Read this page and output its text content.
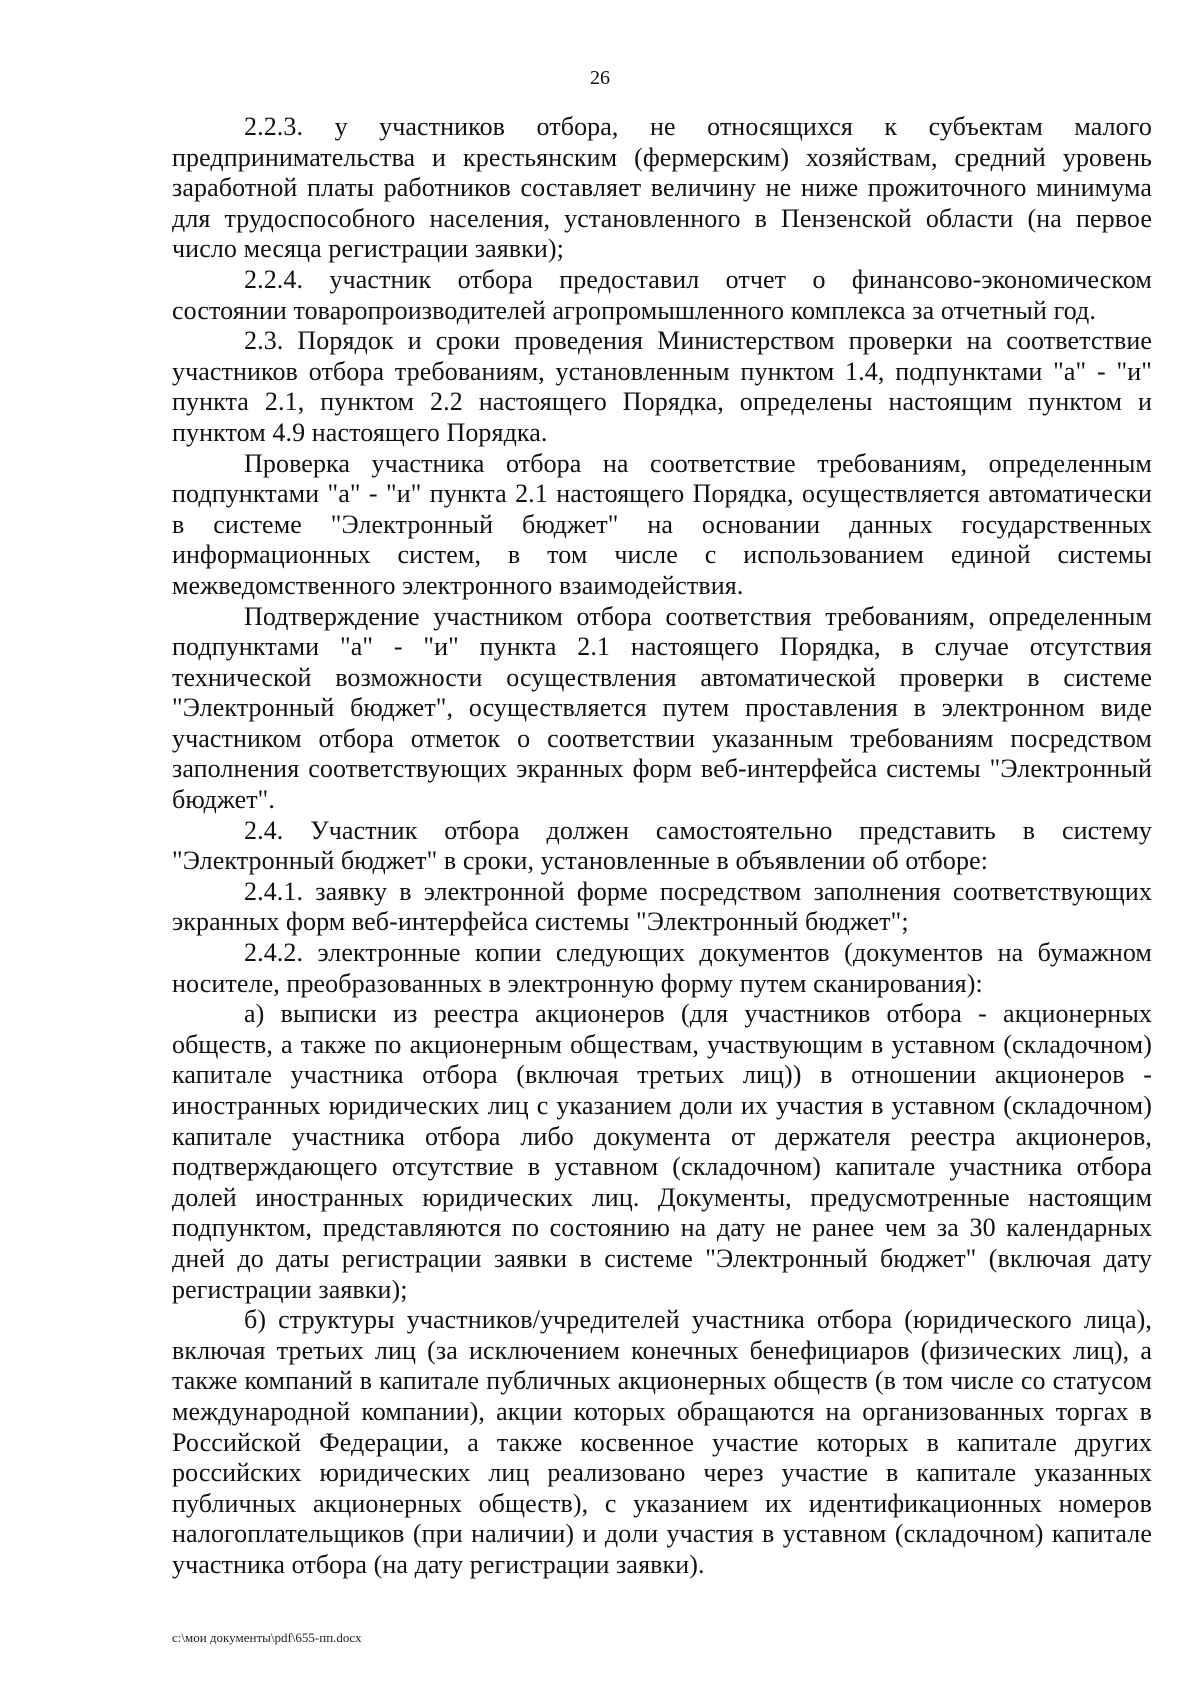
26

2.2.3. у участников отбора, не относящихся к субъектам малого предпринимательства и крестьянским (фермерским) хозяйствам, средний уровень заработной платы работников составляет величину не ниже прожиточного минимума для трудоспособного населения, установленного в Пензенской области (на первое число месяца регистрации заявки);

2.2.4. участник отбора предоставил отчет о финансово-экономическом состоянии товаропроизводителей агропромышленного комплекса за отчетный год.

2.3. Порядок и сроки проведения Министерством проверки на соответствие участников отбора требованиям, установленным пунктом 1.4, подпунктами "а" - "и" пункта 2.1, пунктом 2.2 настоящего Порядка, определены настоящим пунктом и пунктом 4.9 настоящего Порядка.

Проверка участника отбора на соответствие требованиям, определенным подпунктами "а" - "и" пункта 2.1 настоящего Порядка, осуществляется автоматически в системе "Электронный бюджет" на основании данных государственных информационных систем, в том числе с использованием единой системы межведомственного электронного взаимодействия.

Подтверждение участником отбора соответствия требованиям, определенным подпунктами "а" - "и" пункта 2.1 настоящего Порядка, в случае отсутствия технической возможности осуществления автоматической проверки в системе "Электронный бюджет", осуществляется путем проставления в электронном виде участником отбора отметок о соответствии указанным требованиям посредством заполнения соответствующих экранных форм веб-интерфейса системы "Электронный бюджет".

2.4. Участник отбора должен самостоятельно представить в систему "Электронный бюджет" в сроки, установленные в объявлении об отборе:

2.4.1. заявку в электронной форме посредством заполнения соответствующих экранных форм веб-интерфейса системы "Электронный бюджет";

2.4.2. электронные копии следующих документов (документов на бумажном носителе, преобразованных в электронную форму путем сканирования):

а) выписки из реестра акционеров (для участников отбора - акционерных обществ, а также по акционерным обществам, участвующим в уставном (складочном) капитале участника отбора (включая третьих лиц)) в отношении акционеров - иностранных юридических лиц с указанием доли их участия в уставном (складочном) капитале участника отбора либо документа от держателя реестра акционеров, подтверждающего отсутствие в уставном (складочном) капитале участника отбора долей иностранных юридических лиц. Документы, предусмотренные настоящим подпунктом, представляются по состоянию на дату не ранее чем за 30 календарных дней до даты регистрации заявки в системе "Электронный бюджет" (включая дату регистрации заявки);

б) структуры участников/учредителей участника отбора (юридического лица), включая третьих лиц (за исключением конечных бенефициаров (физических лиц), а также компаний в капитале публичных акционерных обществ (в том числе со статусом международной компании), акции которых обращаются на организованных торгах в Российской Федерации, а также косвенное участие которых в капитале других российских юридических лиц реализовано через участие в капитале указанных публичных акционерных обществ), с указанием их идентификационных номеров налогоплательщиков (при наличии) и доли участия в уставном (складочном) капитале участника отбора (на дату регистрации заявки).

c:\мои документы\pdf\655-пп.docx
